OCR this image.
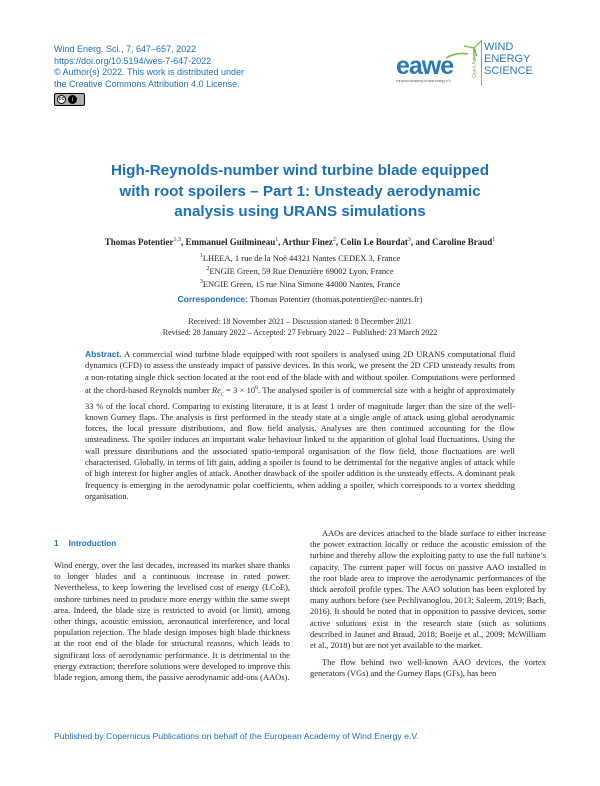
Wind Energ. Sci., 7, 647–657, 2022
https://doi.org/10.5194/wes-7-647-2022
© Author(s) 2022. This work is distributed under
the Creative Commons Attribution 4.0 License.
cc	i
eawe
european academy of wind energy e.V.
Open Access
WIND
ENERGY
SCIENCE
High-Reynolds-number wind turbine blade equipped
with root spoilers – Part 1: Unsteady aerodynamic
analysis using URANS simulations
Thomas Potentier$^{1,3}$, Emmanuel Guilmineau$^1$, Arthur Finez$^2$, Colin Le Bourdat$^3$, and Caroline Braud$^1$
$^1$LHEEA, 1 rue de la Noë 44321 Nantes CEDEX 3, France
$^2$ENGIE Green, 59 Rue Denuzière 69002 Lyon, France
$^3$ENGIE Green, 15 rue Nina Simone 44000 Nantes, France
Correspondence: Thomas Potentier (thomas.potentier@ec-nantes.fr)
Received: 18 November 2021 – Discussion started: 8 December 2021
Revised: 28 January 2022 – Accepted: 27 February 2022 – Published: 23 March 2022
Abstract. A commercial wind turbine blade equipped with root spoilers is analysed using 2D URANS computational fluid dynamics (CFD) to assess the unsteady impact of passive devices. In this work, we present the 2D CFD unsteady results from a non-rotating single thick section located at the root end of the blade with and without spoiler. Computations were performed at the chord-based Reynolds number $Re_c = 3 \times 10^6$. The analysed spoiler is of commercial size with a height of approximately 33 % of the local chord. Comparing to existing literature, it is at least 1 order of magnitude larger than the size of the well-known Gurney flaps. The analysis is first performed in the steady state at a single angle of attack using global aerodynamic forces, the local pressure distributions, and flow field analysis. Analyses are then continued accounting for the flow unsteadiness. The spoiler induces an important wake behaviour linked to the apparition of global load fluctuations. Using the wall pressure distributions and the associated spatio-temporal organisation of the flow field, those fluctuations are well characterised. Globally, in terms of lift gain, adding a spoiler is found to be detrimental for the negative angles of attack while of high interest for higher angles of attack. Another drawback of the spoiler addition is the unsteady effects. A dominant peak frequency is emerging in the aerodynamic polar coefficients, when adding a spoiler, which corresponds to a vortex shedding organisation.
1 Introduction

Wind energy, over the last decades, increased its market share thanks to longer blades and a continuous increase in rated power. Nevertheless, to keep lowering the levelised cost of energy (LCoE), onshore turbines need to produce more energy within the same swept area. Indeed, the blade size is restricted to avoid (or limit), among other things, acoustic emission, aeronautical interference, and local population rejection. The blade design imposes high blade thickness at the root end of the blade for structural reasons, which leads to significant loss of aerodynamic performance. It is detrimental to the energy extraction; therefore solutions were developed to improve this blade region, among them, the passive aerodynamic add-ons (AAOs).

AAOs are devices attached to the blade surface to either increase the power extraction locally or reduce the acoustic emission of the turbine and thereby allow the exploiting party to use the full turbine’s capacity. The current paper will focus on passive AAO installed in the root blade area to improve the aerodynamic performances of the thick aerofoil profile types. The AAO solution has been explored by many authors before (see Pechlivanoglou, 2013; Saleem, 2019; Bach, 2016). It should be noted that in opposition to passive devices, some active solutions exist in the research state (such as solutions described in Jaunet and Braud, 2018; Boeije et al., 2009; McWilliam et al., 2018) but are not yet available to the market.

The flow behind two well-known AAO devices, the vortex generators (VGs) and the Gurney flaps (GFs), has been

Published by Copernicus Publications on behalf of the European Academy of Wind Energy e.V.
